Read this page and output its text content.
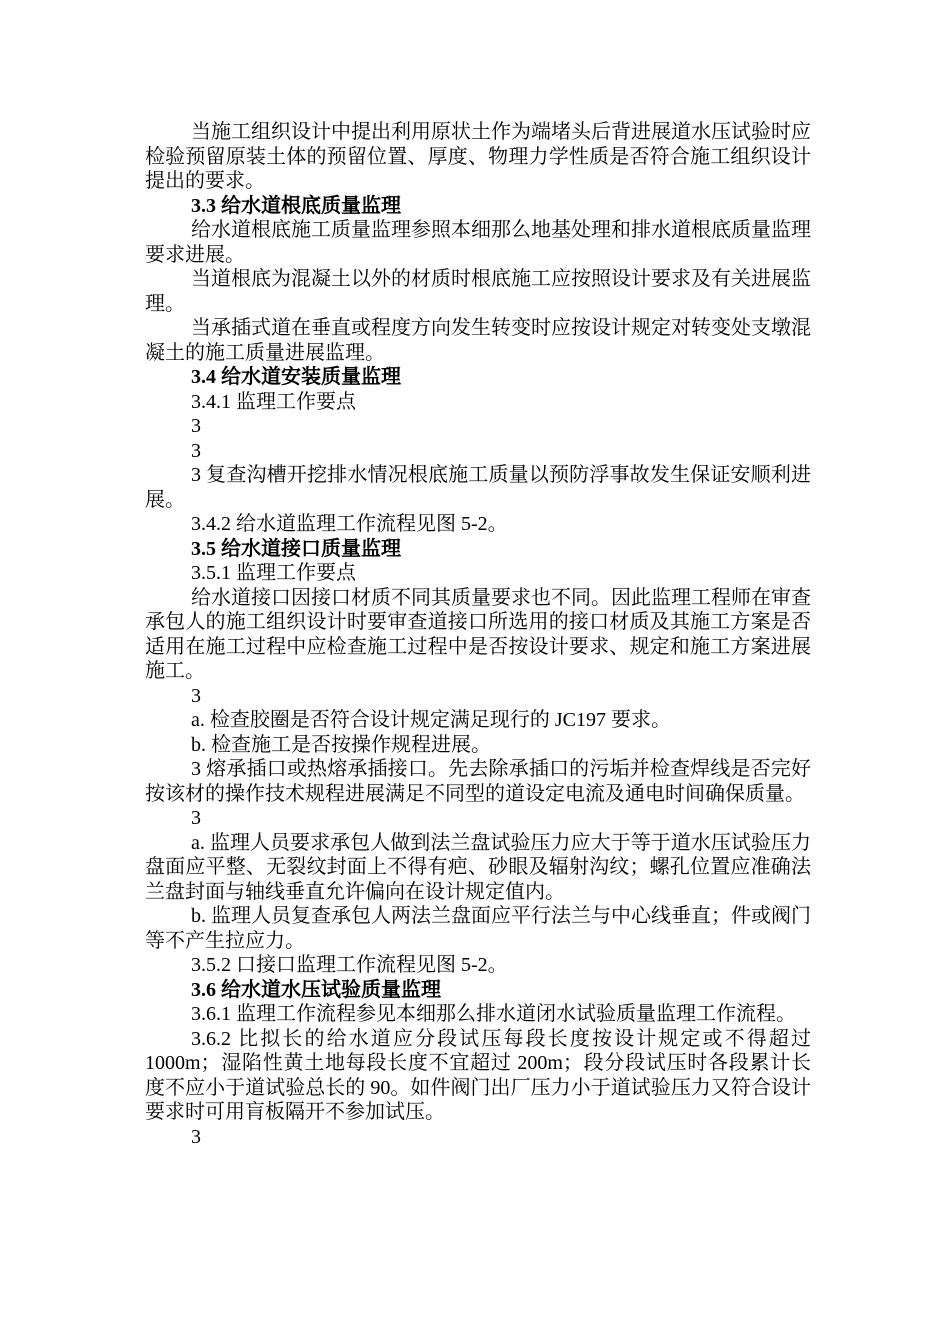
当施工组织设计中提出利用原状土作为端堵头后背进展道水压试验时应检验预留原装土体的预留位置、厚度、物理力学性质是否符合施工组织设计提出的要求。

3.3 给水道根底质量监理

给水道根底施工质量监理参照本细那么地基处理和排水道根底质量监理要求进展。

当道根底为混凝土以外的材质时根底施工应按照设计要求及有关进展监理。

当承插式道在垂直或程度方向发生转变时应按设计规定对转变处支墩混凝土的施工质量进展监理。

3.4 给水道安装质量监理

3.4.1 监理工作要点

3

3

3 复查沟槽开挖排水情况根底施工质量以预防浮事故发生保证安顺利进展。

3.4.2 给水道监理工作流程见图 5-2。

3.5 给水道接口质量监理

3.5.1 监理工作要点

给水道接口因接口材质不同其质量要求也不同。因此监理工程师在审查承包人的施工组织设计时要审查道接口所选用的接口材质及其施工方案是否适用在施工过程中应检查施工过程中是否按设计要求、规定和施工方案进展施工。

3

a. 检查胶圈是否符合设计规定满足现行的 JC197 要求。

b. 检查施工是否按操作规程进展。

3 熔承插口或热熔承插接口。先去除承插口的污垢并检查焊线是否完好按该材的操作技术规程进展满足不同型的道设定电流及通电时间确保质量。

3

a. 监理人员要求承包人做到法兰盘试验压力应大于等于道水压试验压力盘面应平整、无裂纹封面上不得有疤、砂眼及辐射沟纹；螺孔位置应准确法兰盘封面与轴线垂直允许偏向在设计规定值内。

b. 监理人员复查承包人两法兰盘面应平行法兰与中心线垂直；件或阀门等不产生拉应力。

3.5.2 口接口监理工作流程见图 5-2。

3.6 给水道水压试验质量监理

3.6.1 监理工作流程参见本细那么排水道闭水试验质量监理工作流程。

3.6.2 比拟长的给水道应分段试压每段长度按设计规定或不得超过 1000m；湿陷性黄土地每段长度不宜超过 200m；段分段试压时各段累计长度不应小于道试验总长的 90。如件阀门出厂压力小于道试验压力又符合设计要求时可用肓板隔开不参加试压。

3
